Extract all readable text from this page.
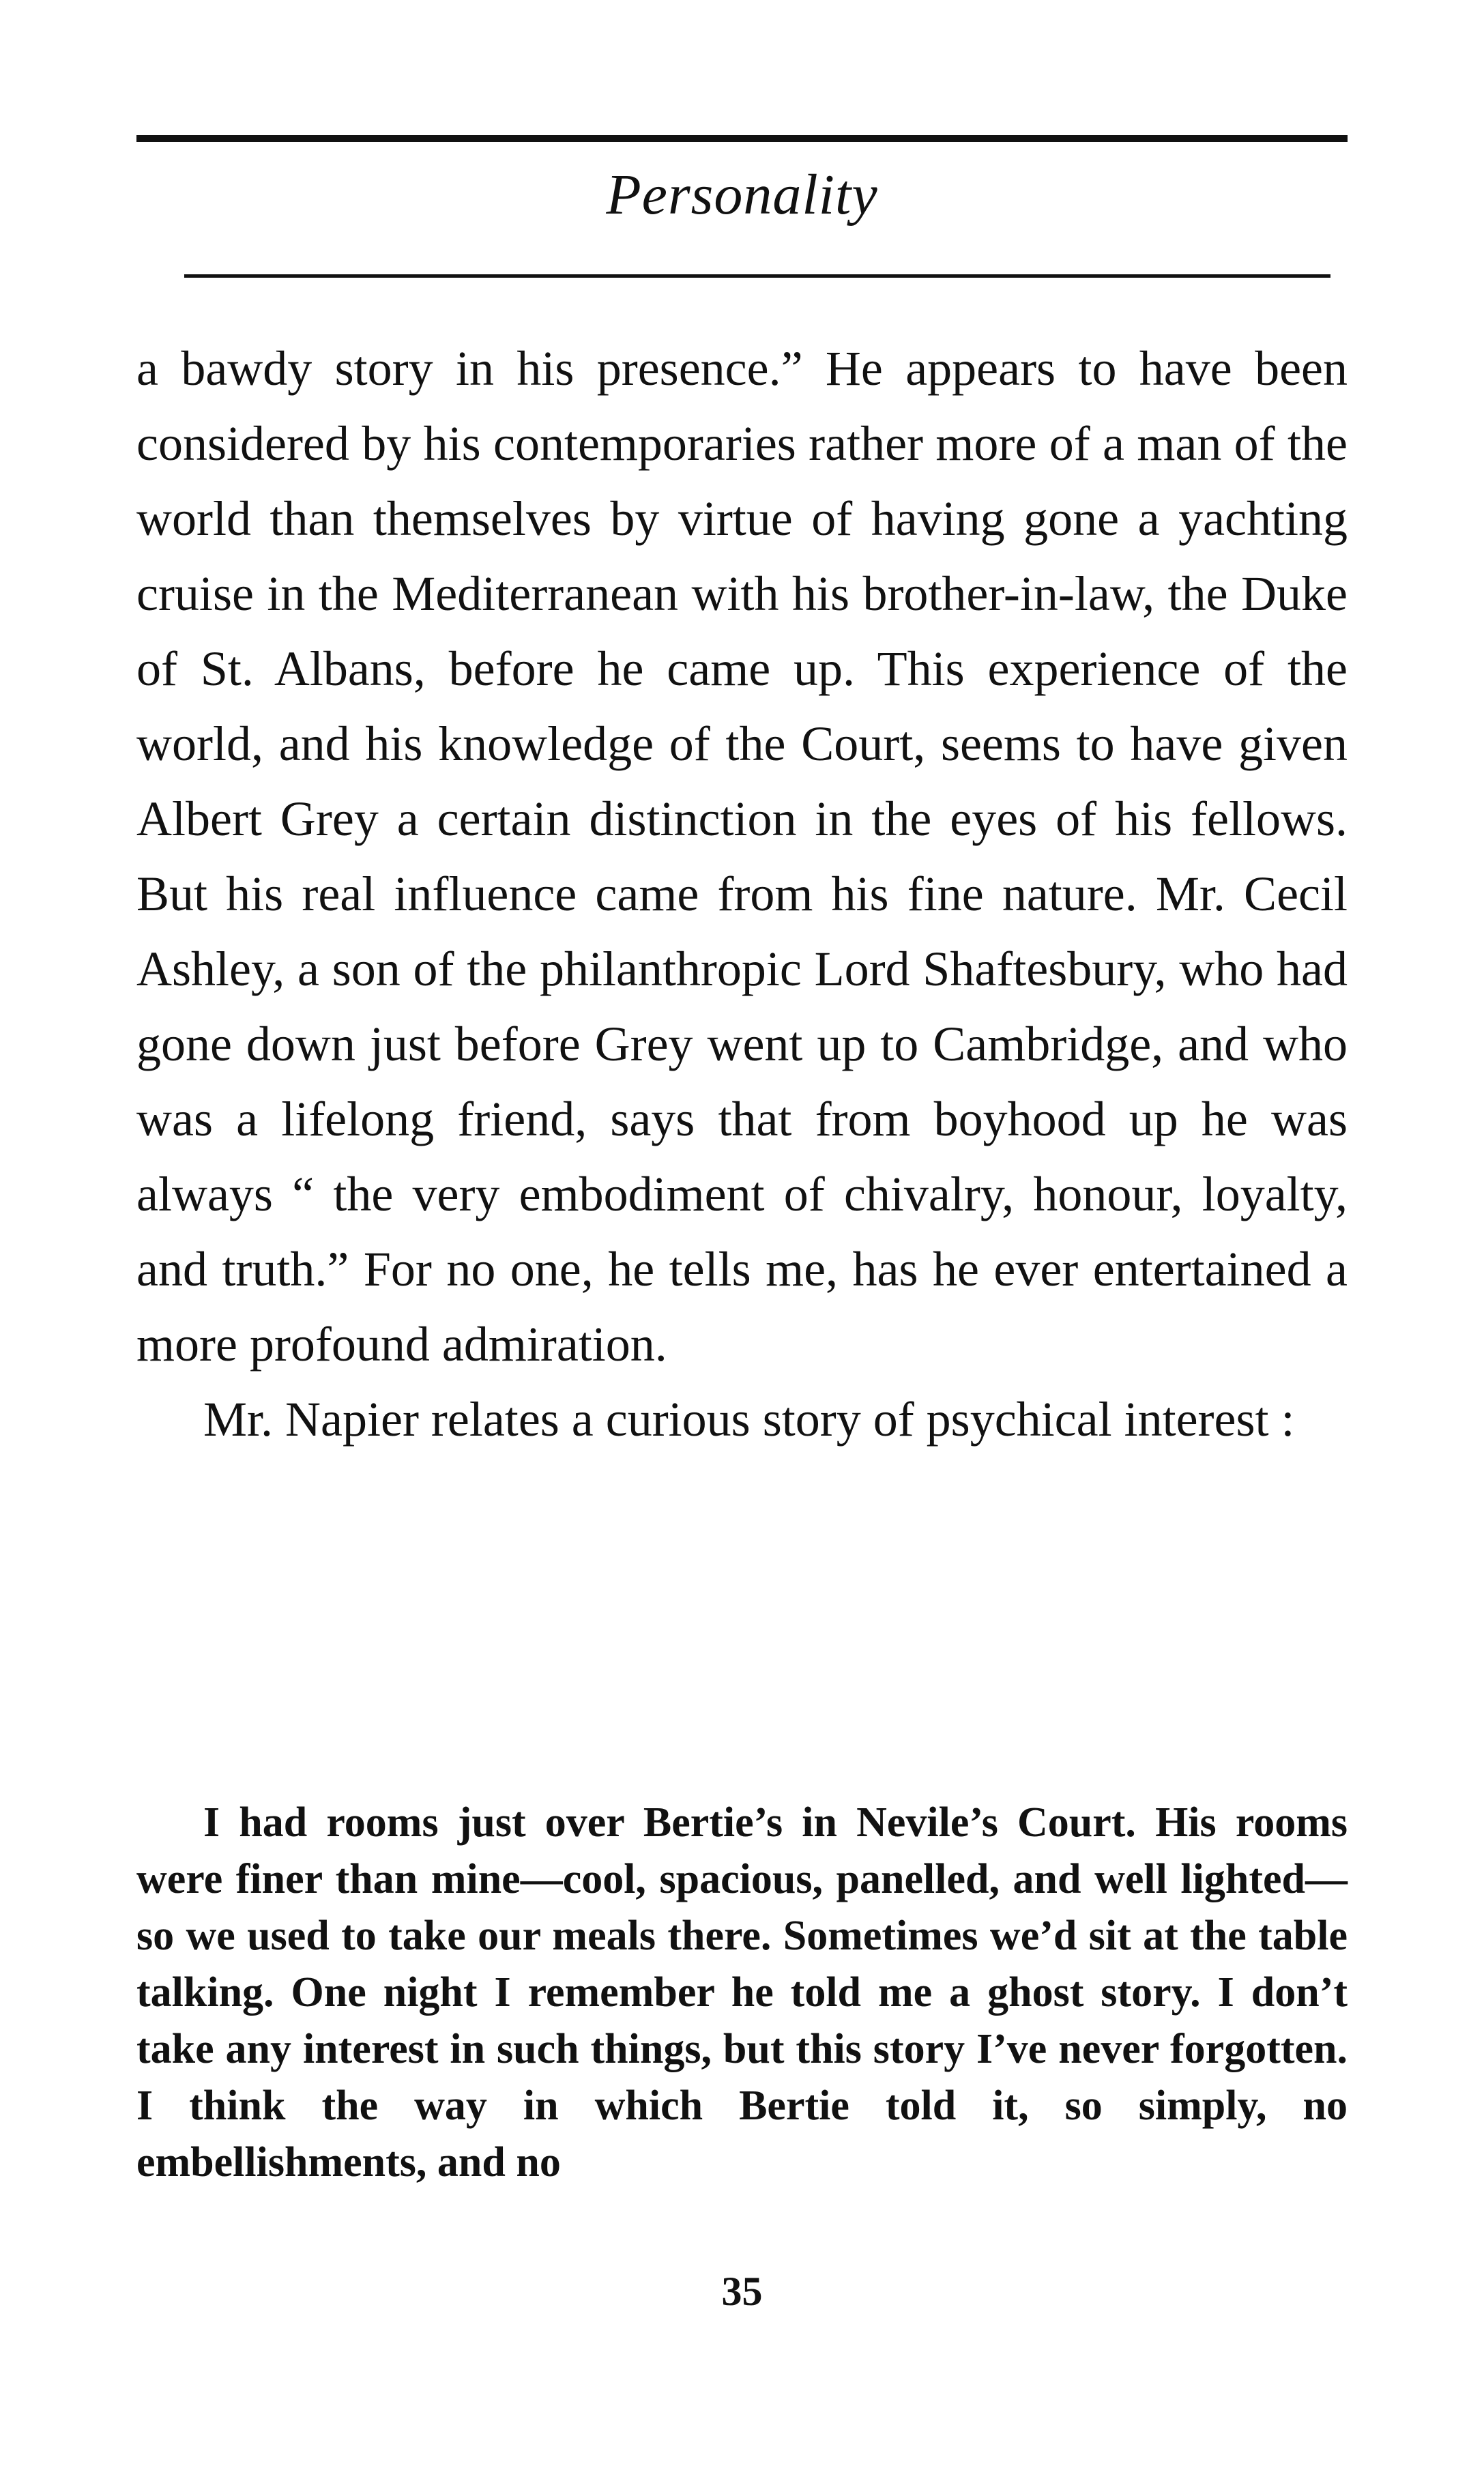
Personality

a bawdy story in his presence.” He appears to have been considered by his contemporaries rather more of a man of the world than themselves by virtue of having gone a yachting cruise in the Mediterranean with his brother-in-law, the Duke of St. Albans, before he came up. This experience of the world, and his knowledge of the Court, seems to have given Albert Grey a certain distinction in the eyes of his fellows. But his real influence came from his fine nature. Mr. Cecil Ashley, a son of the philanthropic Lord Shaftesbury, who had gone down just before Grey went up to Cambridge, and who was a lifelong friend, says that from boyhood up he was always “ the very embodiment of chivalry, honour, loyalty, and truth.” For no one, he tells me, has he ever entertained a more profound admiration.

Mr. Napier relates a curious story of psychical interest :

I had rooms just over Bertie’s in Nevile’s Court. His rooms were finer than mine—cool, spacious, panelled, and well lighted—so we used to take our meals there. Sometimes we’d sit at the table talking. One night I remember he told me a ghost story. I don’t take any interest in such things, but this story I’ve never forgotten. I think the way in which Bertie told it, so simply, no embellishments, and no

35
